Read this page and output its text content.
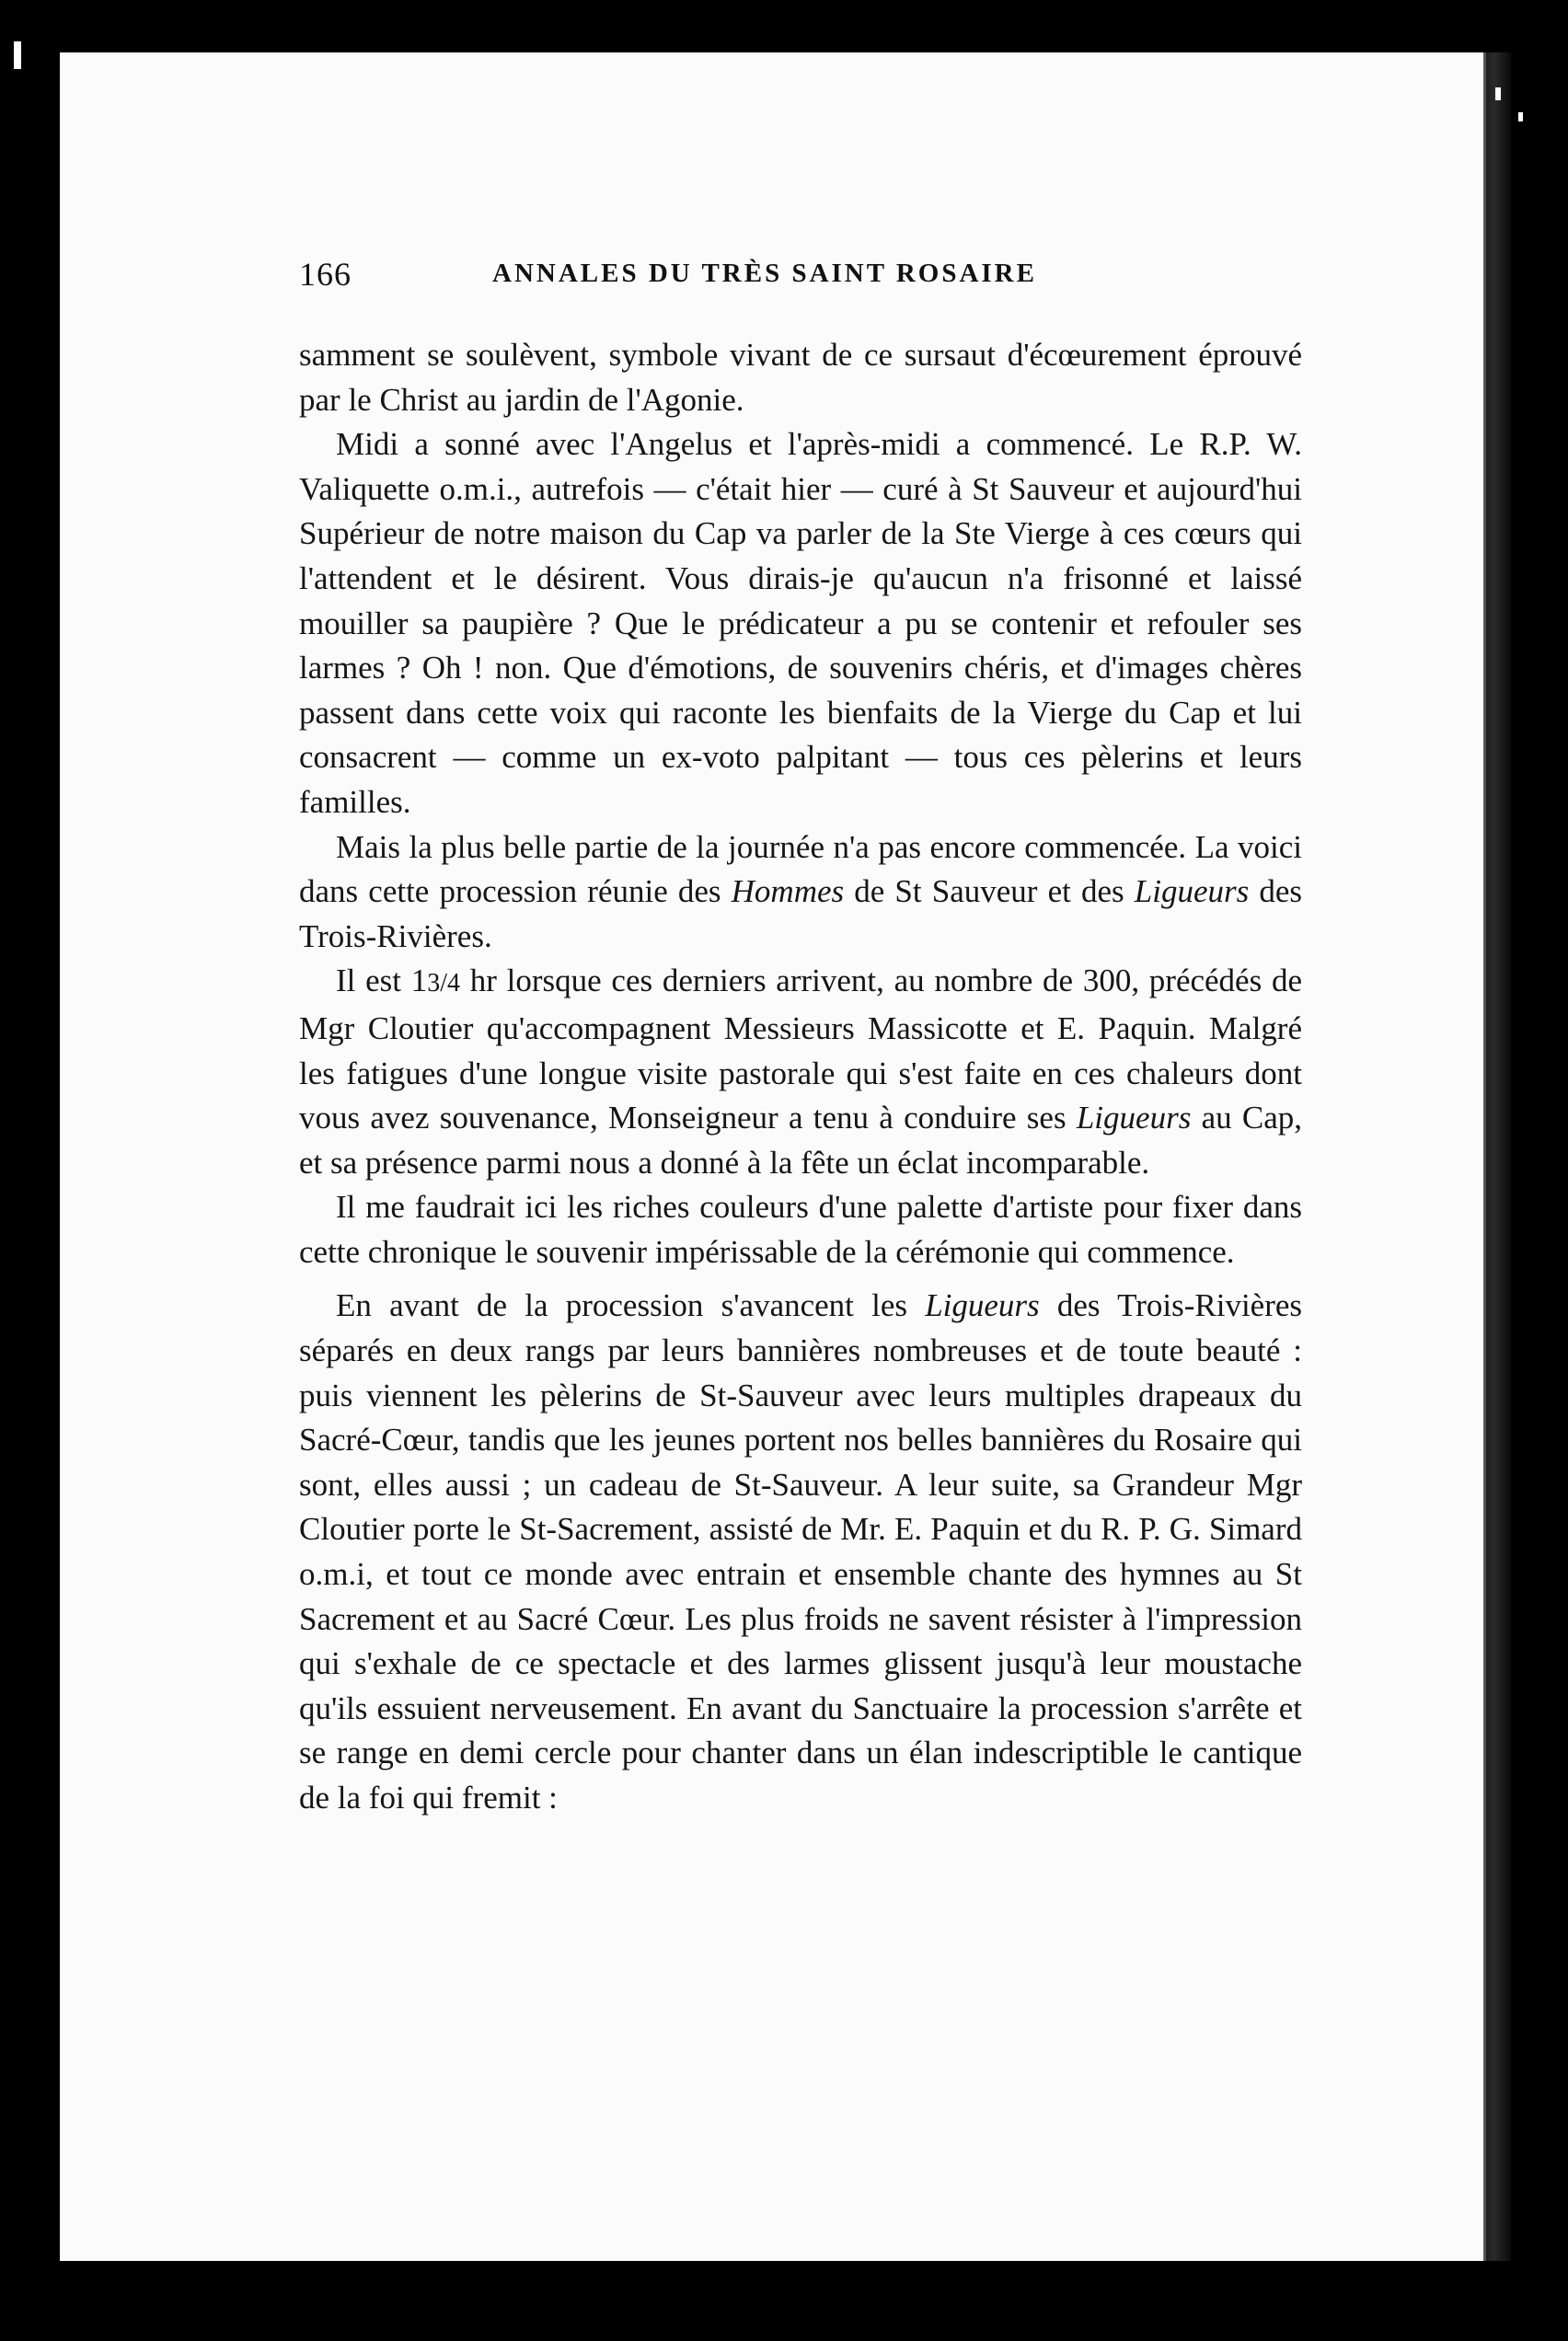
166	ANNALES DU TRÈS SAINT ROSAIRE

samment se soulèvent, symbole vivant de ce sursaut d'écœurement éprouvé par le Christ au jardin de l'Agonie.

Midi a sonné avec l'Angelus et l'après-midi a commencé. Le R.P. W. Valiquette o.m.i., autrefois — c'était hier — curé à St Sauveur et aujourd'hui Supérieur de notre maison du Cap va parler de la Ste Vierge à ces cœurs qui l'attendent et le désirent. Vous dirais-je qu'aucun n'a frisonné et laissé mouiller sa paupière ? Que le prédicateur a pu se contenir et refouler ses larmes ? Oh ! non. Que d'émotions, de souvenirs chéris, et d'images chères passent dans cette voix qui raconte les bienfaits de la Vierge du Cap et lui consacrent — comme un ex-voto palpitant — tous ces pèlerins et leurs familles.

Mais la plus belle partie de la journée n'a pas encore commencée. La voici dans cette procession réunie des Hommes de St Sauveur et des Ligueurs des Trois-Rivières.

Il est 13/4 hr lorsque ces derniers arrivent, au nombre de 300, précédés de Mgr Cloutier qu'accompagnent Messieurs Massicotte et E. Paquin. Malgré les fatigues d'une longue visite pastorale qui s'est faite en ces chaleurs dont vous avez souvenance, Monseigneur a tenu à conduire ses Ligueurs au Cap, et sa présence parmi nous a donné à la fête un éclat incomparable.

Il me faudrait ici les riches couleurs d'une palette d'artiste pour fixer dans cette chronique le souvenir impérissable de la cérémonie qui commence.

En avant de la procession s'avancent les Ligueurs des Trois-Rivières séparés en deux rangs par leurs bannières nombreuses et de toute beauté : puis viennent les pèlerins de St-Sauveur avec leurs multiples drapeaux du Sacré-Cœur, tandis que les jeunes portent nos belles bannières du Rosaire qui sont, elles aussi ; un cadeau de St-Sauveur. A leur suite, sa Grandeur Mgr Cloutier porte le St-Sacrement, assisté de Mr. E. Paquin et du R. P. G. Simard o.m.i, et tout ce monde avec entrain et ensemble chante des hymnes au St Sacrement et au Sacré Cœur. Les plus froids ne savent résister à l'impression qui s'exhale de ce spectacle et des larmes glissent jusqu'à leur moustache qu'ils essuient nerveusement. En avant du Sanctuaire la procession s'arrête et se range en demi cercle pour chanter dans un élan indescriptible le cantique de la foi qui fremit :
